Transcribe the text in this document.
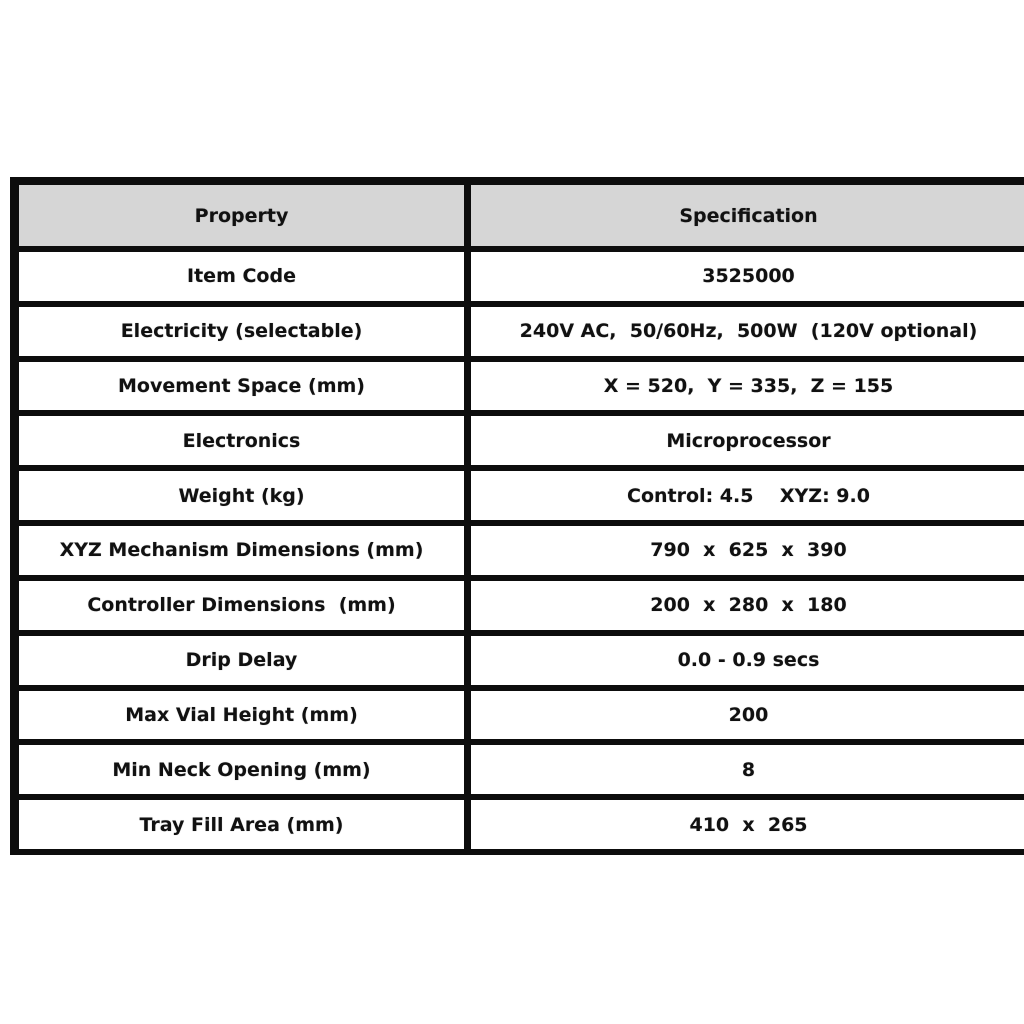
Property	Specification
Item Code	3525000
Electricity (selectable)	240V AC,  50/60Hz,  500W  (120V optional)
Movement Space (mm)	X = 520,  Y = 335,  Z = 155
Electronics	Microprocessor
Weight (kg)	Control: 4.5    XYZ: 9.0
XYZ Mechanism Dimensions (mm)	790  x  625  x  390
Controller Dimensions  (mm)	200  x  280  x  180
Drip Delay	0.0 - 0.9 secs
Max Vial Height (mm)	200
Min Neck Opening (mm)	8
Tray Fill Area (mm)	410  x  265
